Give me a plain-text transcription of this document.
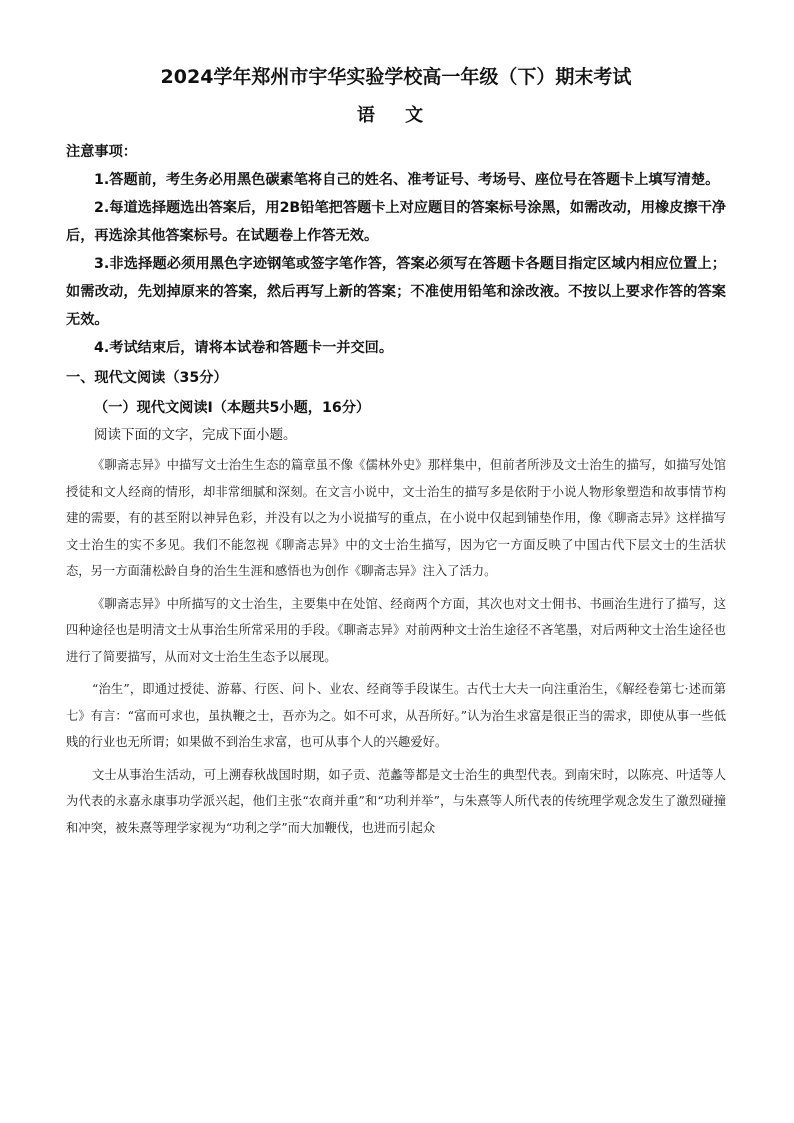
2024学年郑州市宇华实验学校高一年级（下）期末考试
语 文

注意事项：

1.答题前，考生务必用黑色碳素笔将自己的姓名、准考证号、考场号、座位号在答题卡上填写清楚。

2.每道选择题选出答案后，用2B铅笔把答题卡上对应题目的答案标号涂黑，如需改动，用橡皮擦干净后，再选涂其他答案标号。在试题卷上作答无效。

3.非选择题必须用黑色字迹钢笔或签字笔作答，答案必须写在答题卡各题目指定区域内相应位置上；如需改动，先划掉原来的答案，然后再写上新的答案；不准使用铅笔和涂改液。不按以上要求作答的答案无效。

4.考试结束后，请将本试卷和答题卡一并交回。

一、现代文阅读（35分）

（一）现代文阅读Ⅰ（本题共5小题，16分）

阅读下面的文字，完成下面小题。

《聊斋志异》中描写文士治生生态的篇章虽不像《儒林外史》那样集中，但前者所涉及文士治生的描写，如描写处馆授徒和文人经商的情形，却非常细腻和深刻。在文言小说中，文士治生的描写多是依附于小说人物形象塑造和故事情节构建的需要，有的甚至附以神异色彩，并没有以之为小说描写的重点，在小说中仅起到铺垫作用，像《聊斋志异》这样描写文士治生的实不多见。我们不能忽视《聊斋志异》中的文士治生描写，因为它一方面反映了中国古代下层文士的生活状态，另一方面蒲松龄自身的治生生涯和感悟也为创作《聊斋志异》注入了活力。

《聊斋志异》中所描写的文士治生，主要集中在处馆、经商两个方面，其次也对文士佣书、书画治生进行了描写，这四种途径也是明清文士从事治生所常采用的手段。《聊斋志异》对前两种文士治生途径不吝笔墨，对后两种文士治生途径也进行了简要描写，从而对文士治生生态予以展现。

“治生”，即通过授徒、游幕、行医、问卜、业农、经商等手段谋生。古代士大夫一向注重治生，《解经卷第七·述而第七》有言：“富而可求也，虽执鞭之士，吾亦为之。如不可求，从吾所好。”认为治生求富是很正当的需求，即使从事一些低贱的行业也无所谓；如果做不到治生求富，也可从事个人的兴趣爱好。

文士从事治生活动，可上溯春秋战国时期，如子贡、范蠡等都是文士治生的典型代表。到南宋时，以陈亮、叶适等人为代表的永嘉永康事功学派兴起，他们主张“农商并重”和“功利并举”，与朱熹等人所代表的传统理学观念发生了激烈碰撞和冲突，被朱熹等理学家视为“功利之学”而大加鞭伐，也进而引起众
